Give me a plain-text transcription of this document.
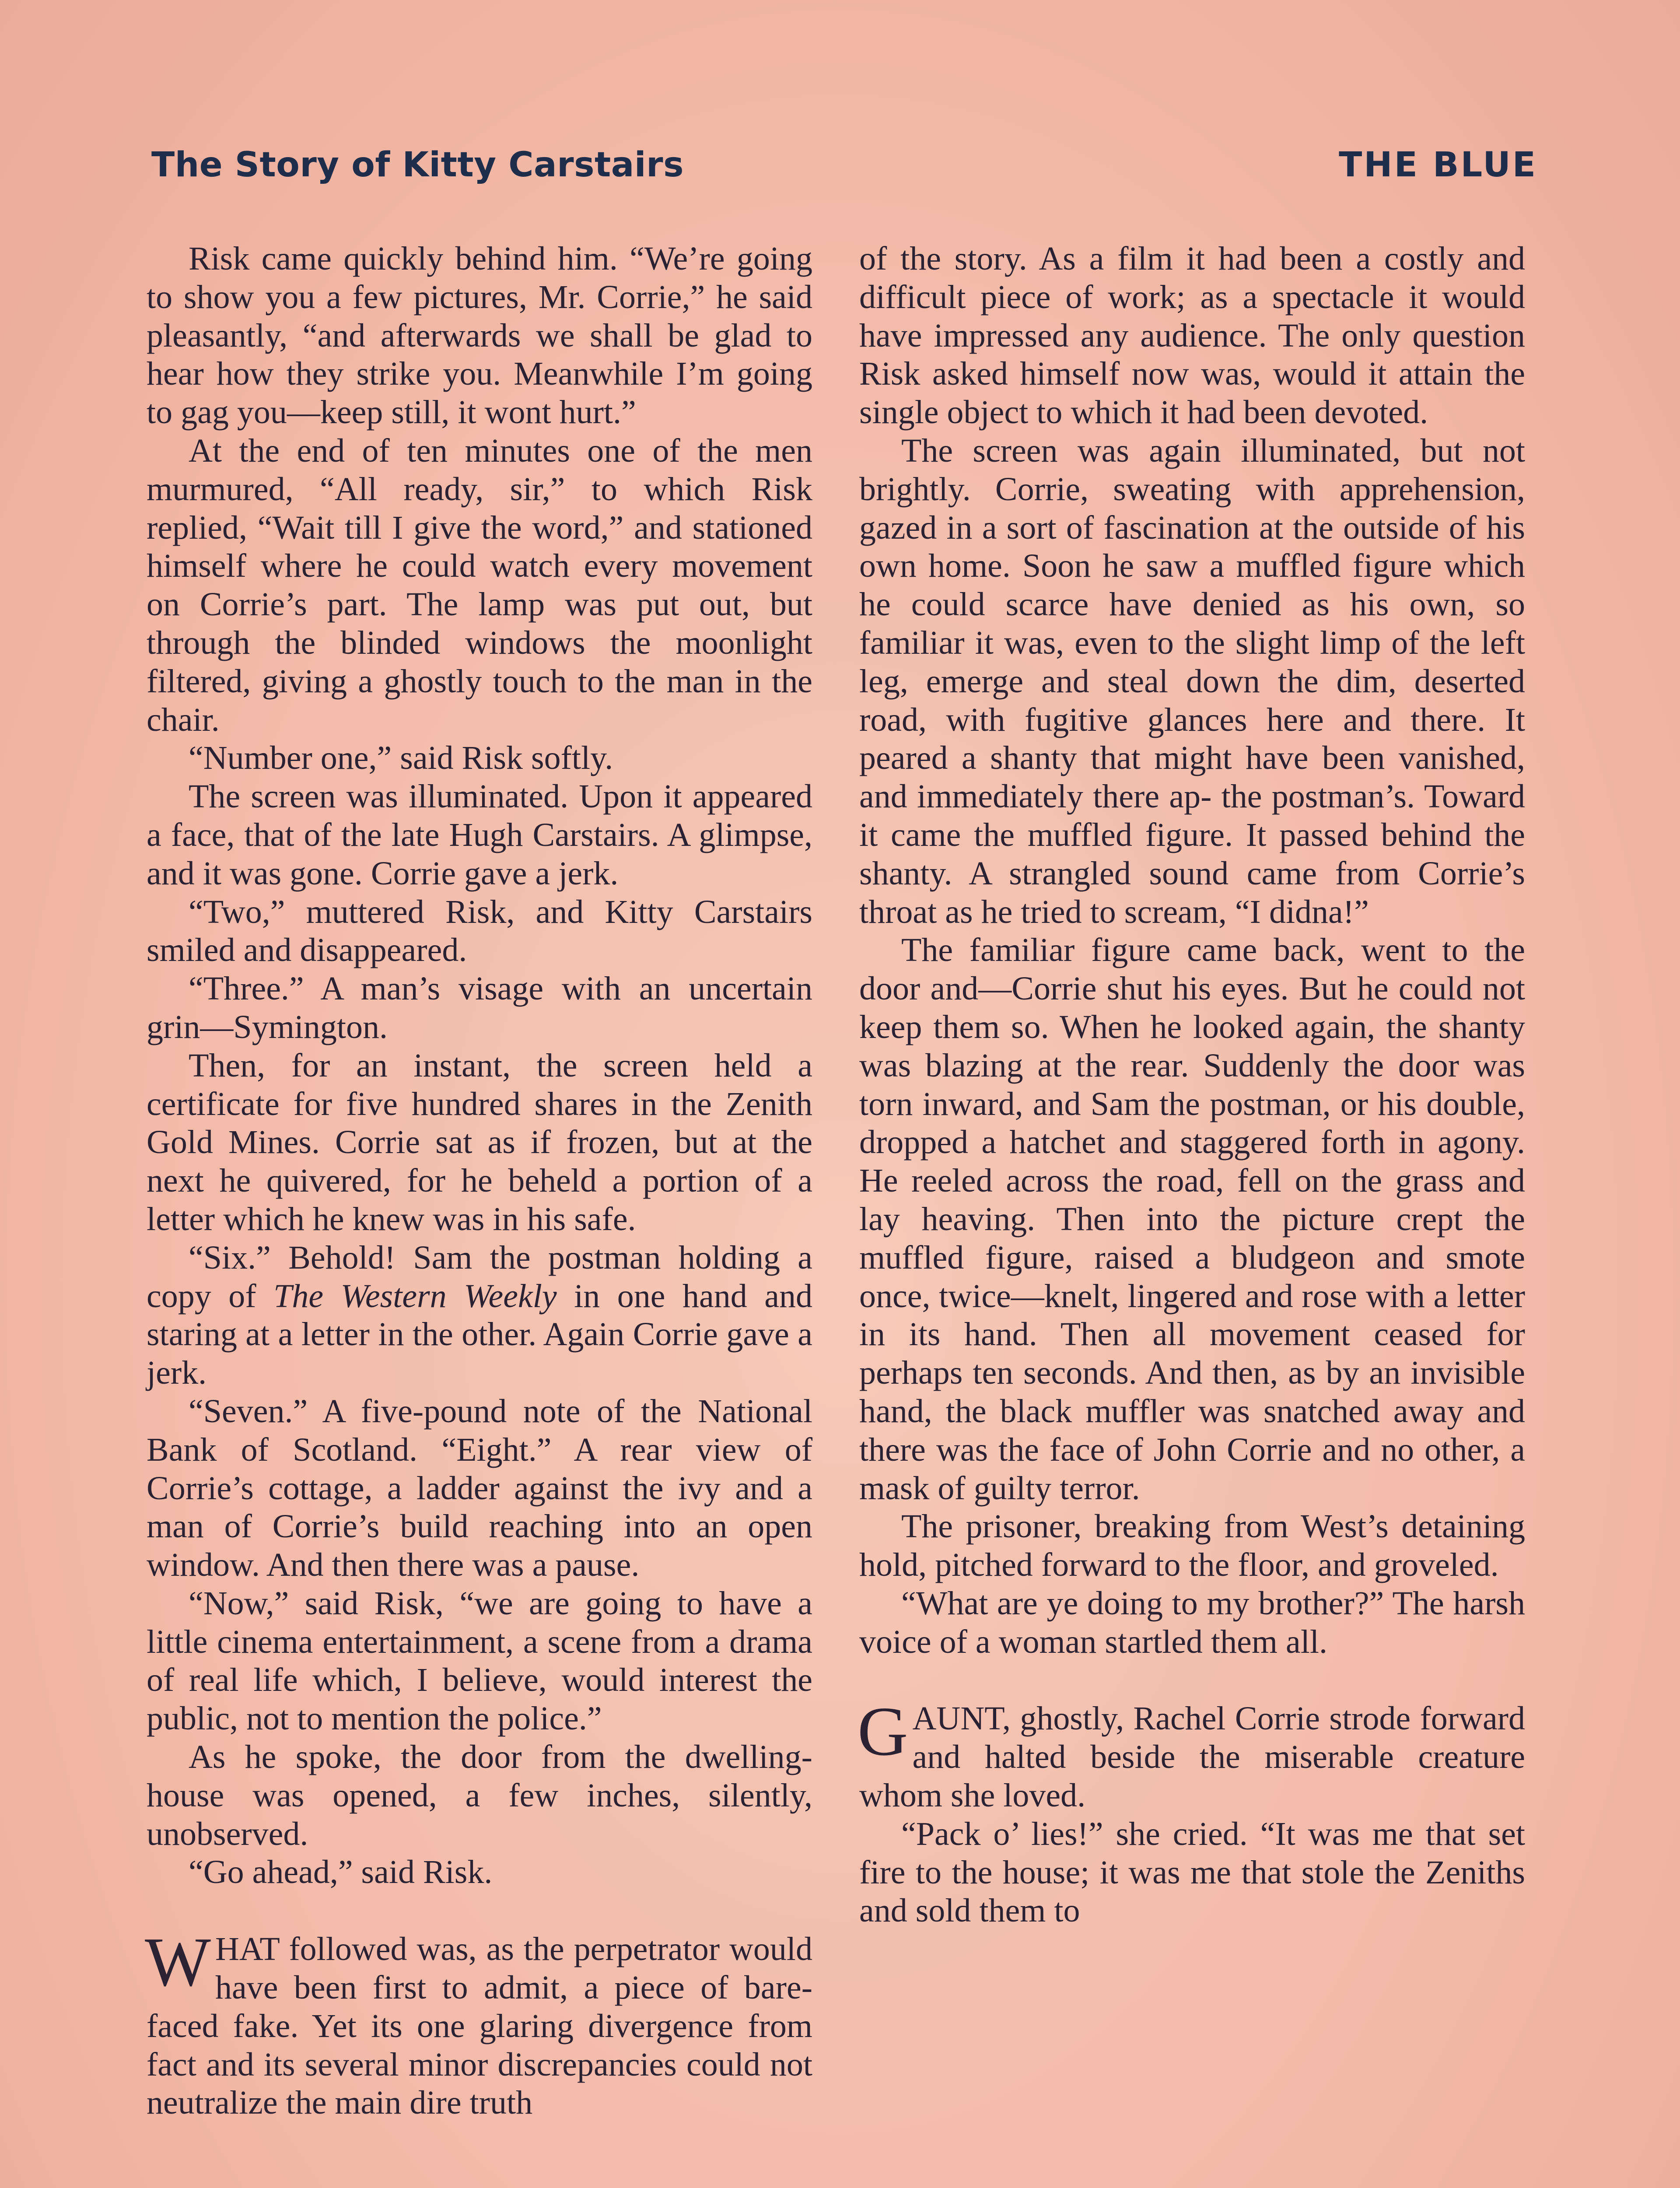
The Story of Kitty Carstairs	THE BLUE

Risk came quickly behind him. “We’re going to show you a few pictures, Mr. Corrie,” he said pleasantly, “and afterwards we shall be glad to hear how they strike you. Meanwhile I’m going to gag you—keep still, it wont hurt.”

At the end of ten minutes one of the men murmured, “All ready, sir,” to which Risk replied, “Wait till I give the word,” and stationed himself where he could watch every movement on Corrie’s part. The lamp was put out, but through the blinded windows the moonlight filtered, giving a ghostly touch to the man in the chair.

“Number one,” said Risk softly.

The screen was illuminated. Upon it appeared a face, that of the late Hugh Carstairs. A glimpse, and it was gone. Corrie gave a jerk.

“Two,” muttered Risk, and Kitty Carstairs smiled and disappeared.

“Three.” A man’s visage with an uncertain grin—Symington.

Then, for an instant, the screen held a certificate for five hundred shares in the Zenith Gold Mines. Corrie sat as if frozen, but at the next he quivered, for he beheld a portion of a letter which he knew was in his safe.

“Six.” Behold! Sam the postman holding a copy of The Western Weekly in one hand and staring at a letter in the other. Again Corrie gave a jerk.

“Seven.” A five-pound note of the National Bank of Scotland. “Eight.” A rear view of Corrie’s cottage, a ladder against the ivy and a man of Corrie’s build reaching into an open window. And then there was a pause.

“Now,” said Risk, “we are going to have a little cinema entertainment, a scene from a drama of real life which, I believe, would interest the public, not to mention the police.”

As he spoke, the door from the dwelling-house was opened, a few inches, silently, unobserved.

“Go ahead,” said Risk.

WHAT followed was, as the perpetrator would have been first to admit, a piece of bare-faced fake. Yet its one glaring divergence from fact and its several minor discrepancies could not neutralize the main dire truth

of the story. As a film it had been a costly and difficult piece of work; as a spectacle it would have impressed any audience. The only question Risk asked himself now was, would it attain the single object to which it had been devoted.

The screen was again illuminated, but not brightly. Corrie, sweating with apprehension, gazed in a sort of fascination at the outside of his own home. Soon he saw a muffled figure which he could scarce have denied as his own, so familiar it was, even to the slight limp of the left leg, emerge and steal down the dim, deserted road, with fugitive glances here and there. It peared a shanty that might have been vanished, and immediately there ap- the postman’s. Toward it came the muffled figure. It passed behind the shanty. A strangled sound came from Corrie’s throat as he tried to scream, “I didna!”

The familiar figure came back, went to the door and—Corrie shut his eyes. But he could not keep them so. When he looked again, the shanty was blazing at the rear. Suddenly the door was torn inward, and Sam the postman, or his double, dropped a hatchet and staggered forth in agony. He reeled across the road, fell on the grass and lay heaving. Then into the picture crept the muffled figure, raised a bludgeon and smote once, twice—knelt, lingered and rose with a letter in its hand. Then all movement ceased for perhaps ten seconds. And then, as by an invisible hand, the black muffler was snatched away and there was the face of John Corrie and no other, a mask of guilty terror.

The prisoner, breaking from West’s detaining hold, pitched forward to the floor, and groveled.

“What are ye doing to my brother?” The harsh voice of a woman startled them all.

GAUNT, ghostly, Rachel Corrie strode forward and halted beside the miserable creature whom she loved.

“Pack o’ lies!” she cried. “It was me that set fire to the house; it was me that stole the Zeniths and sold them to
